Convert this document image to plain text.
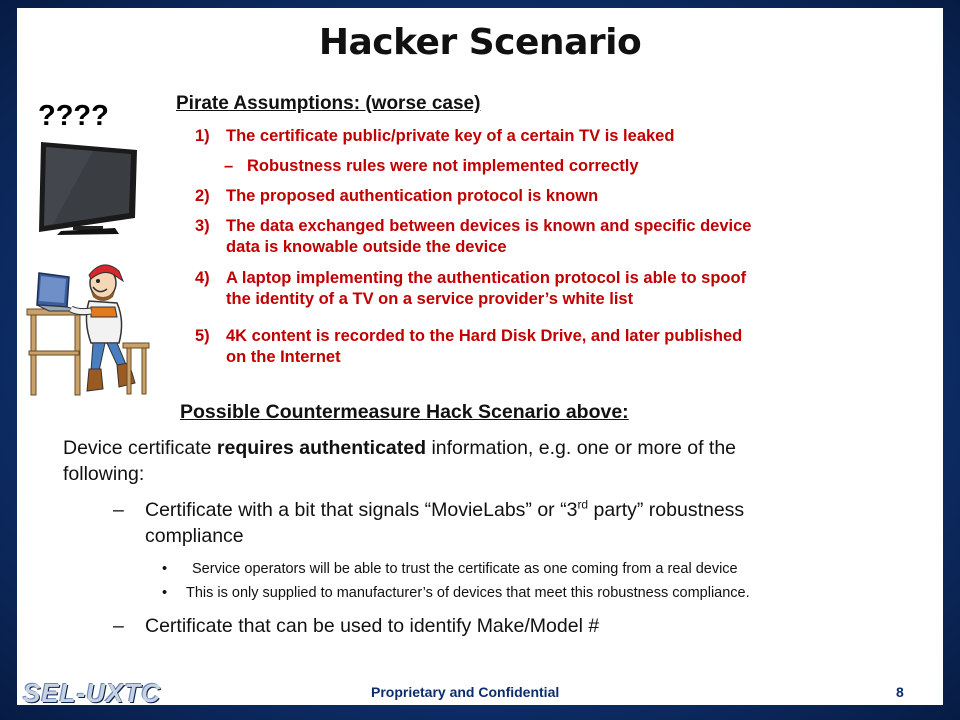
Hacker Scenario
????	Pirate Assumptions: (worse case)
1) The certificate public/private key of a certain TV is leaked
– Robustness rules were not implemented correctly
2) The proposed authentication protocol is known
3) The data exchanged between devices is known and specific device
data is knowable outside the device
4) A laptop implementing the authentication protocol is able to spoof
the identity of a TV on a service provider’s white list
5) 4K content is recorded to the Hard Disk Drive, and later published
on the Internet
Possible Countermeasure Hack Scenario above:
Device certificate requires authenticated information, e.g. one or more of the
following:
– Certificate with a bit that signals “MovieLabs” or “3rd party” robustness
compliance
• Service operators will be able to trust the certificate as one coming from a real device
• This is only supplied to manufacturer’s of devices that meet this robustness compliance.
– Certificate that can be used to identify Make/Model #
SEL-UXTC	Proprietary and Confidential	8
